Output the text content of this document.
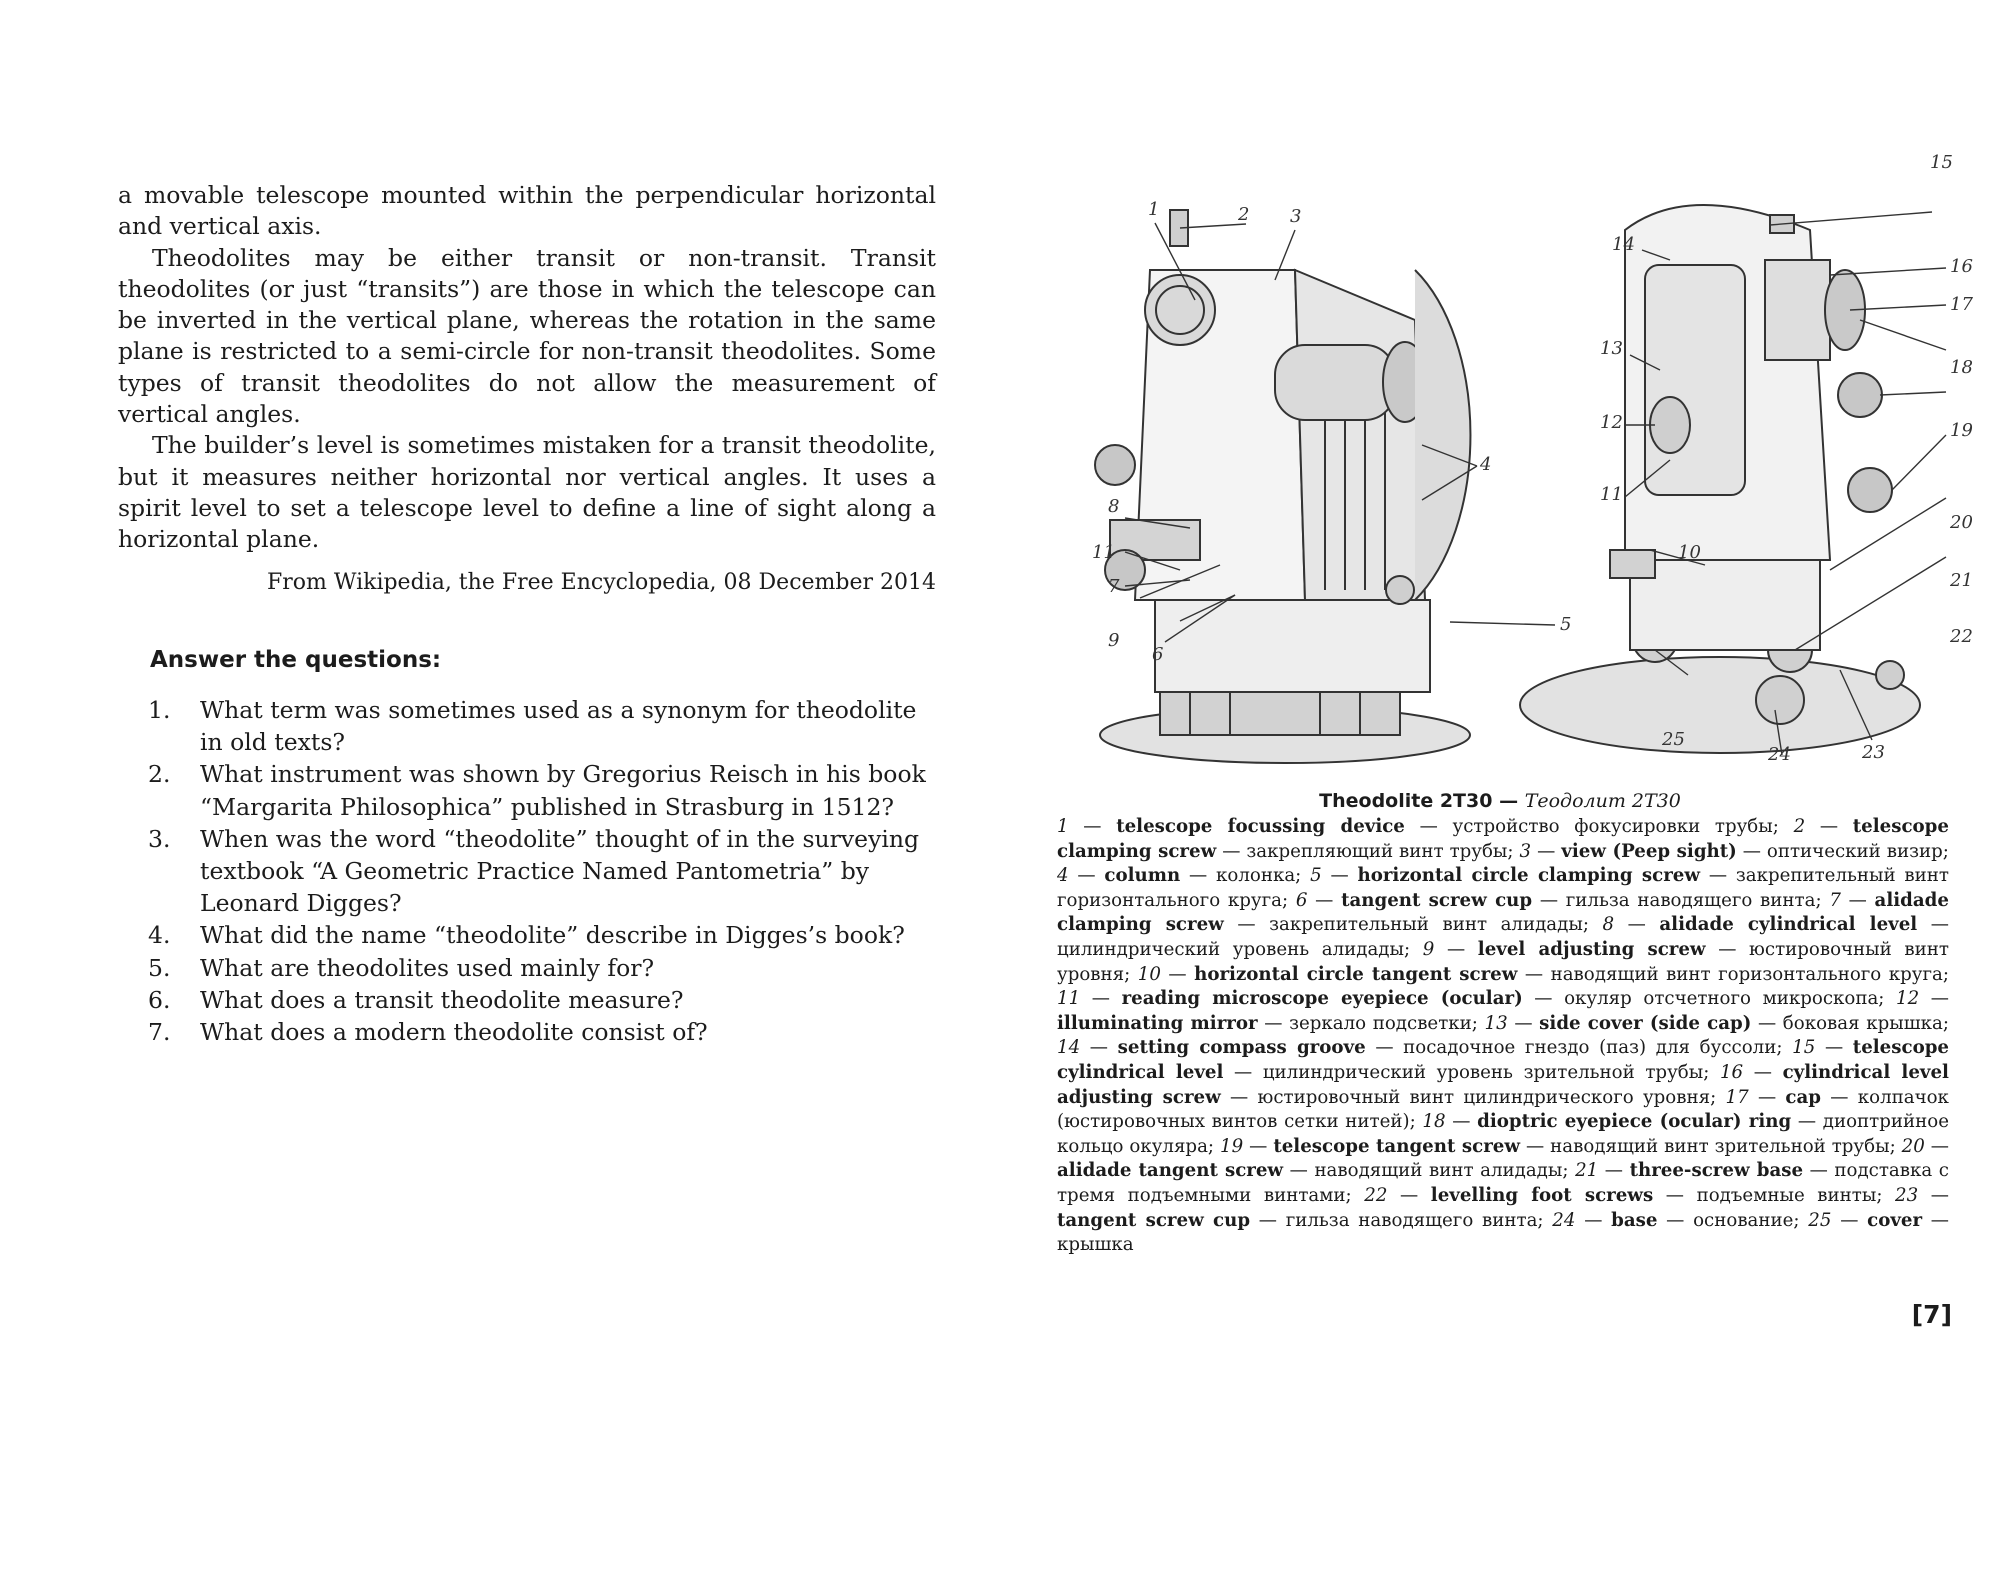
a movable telescope mounted within the perpendicular horizontal and vertical axis.

Theodolites may be either transit or non-transit. Transit theodolites (or just “transits”) are those in which the telescope can be inverted in the vertical plane, whereas the rotation in the same plane is restricted to a semi-circle for non-transit theodolites. Some types of transit theodolites do not allow the measurement of vertical angles.

The builder’s level is sometimes mistaken for a transit theodolite, but it measures neither horizontal nor vertical angles. It uses a spirit level to set a telescope level to define a line of sight along a horizontal plane.

From Wikipedia, the Free Encyclopedia, 08 December 2014
Answer the questions:
1.	What term was sometimes used as a synonym for theodolite in old texts?
2.	What instrument was shown by Gregorius Reisch in his book “Margarita Philosophica” published in Strasburg in 1512?
3.	When was the word “theodolite” thought of in the surveying textbook “A Geometric Practice Named Pantometria” by Leonard Digges?
4.	What did the name “theodolite” describe in Digges’s book?
5.	What are theodolites used mainly for?
6.	What does a transit theodolite measure?
7.	What does a modern theodolite consist of?
1	2 3
4
5
6
7
8
9
10
11
11
12
13
14
15
16
17
18
19
20
21
22
23
24
25
Theodolite 2T30 — Теодолит 2Т30
1 — telescope focussing device — устройство фокусировки трубы; 2 — telescope clamping screw — закрепляющий винт трубы; 3 — view (Peep sight) — оптический визир; 4 — column — колонка; 5 — horizontal circle clamping screw — закрепительный винт горизонтального круга; 6 — tangent screw cup — гильза наводящего винта; 7 — alidade clamping screw — закрепительный винт алидады; 8 — alidade cylindrical level — цилиндрический уровень алидады; 9 — level adjusting screw — юстировочный винт уровня; 10 — horizontal circle tangent screw — наводящий винт горизонтального круга; 11 — reading microscope eyepiece (ocular) — окуляр отсчетного микроскопа; 12 — illuminating mirror — зеркало подсветки; 13 — side cover (side cap) — боковая крышка; 14 — setting compass groove — посадочное гнездо (паз) для буссоли; 15 — telescope cylindrical level — цилиндрический уровень зрительной трубы; 16 — cylindrical level adjusting screw — юстировочный винт цилиндрического уровня; 17 — cap — колпачок (юстировочных винтов сетки нитей); 18 — dioptric eyepiece (ocular) ring — диоптрийное кольцо окуляра; 19 — telescope tangent screw — наводящий винт зрительной трубы; 20 — alidade tangent screw — наводящий винт алидады; 21 — three-screw base — подставка с тремя подъемными винтами; 22 — levelling foot screws — подъемные винты; 23 — tangent screw cup — гильза наводящего винта; 24 — base — основание; 25 — cover — крышка
[7]
